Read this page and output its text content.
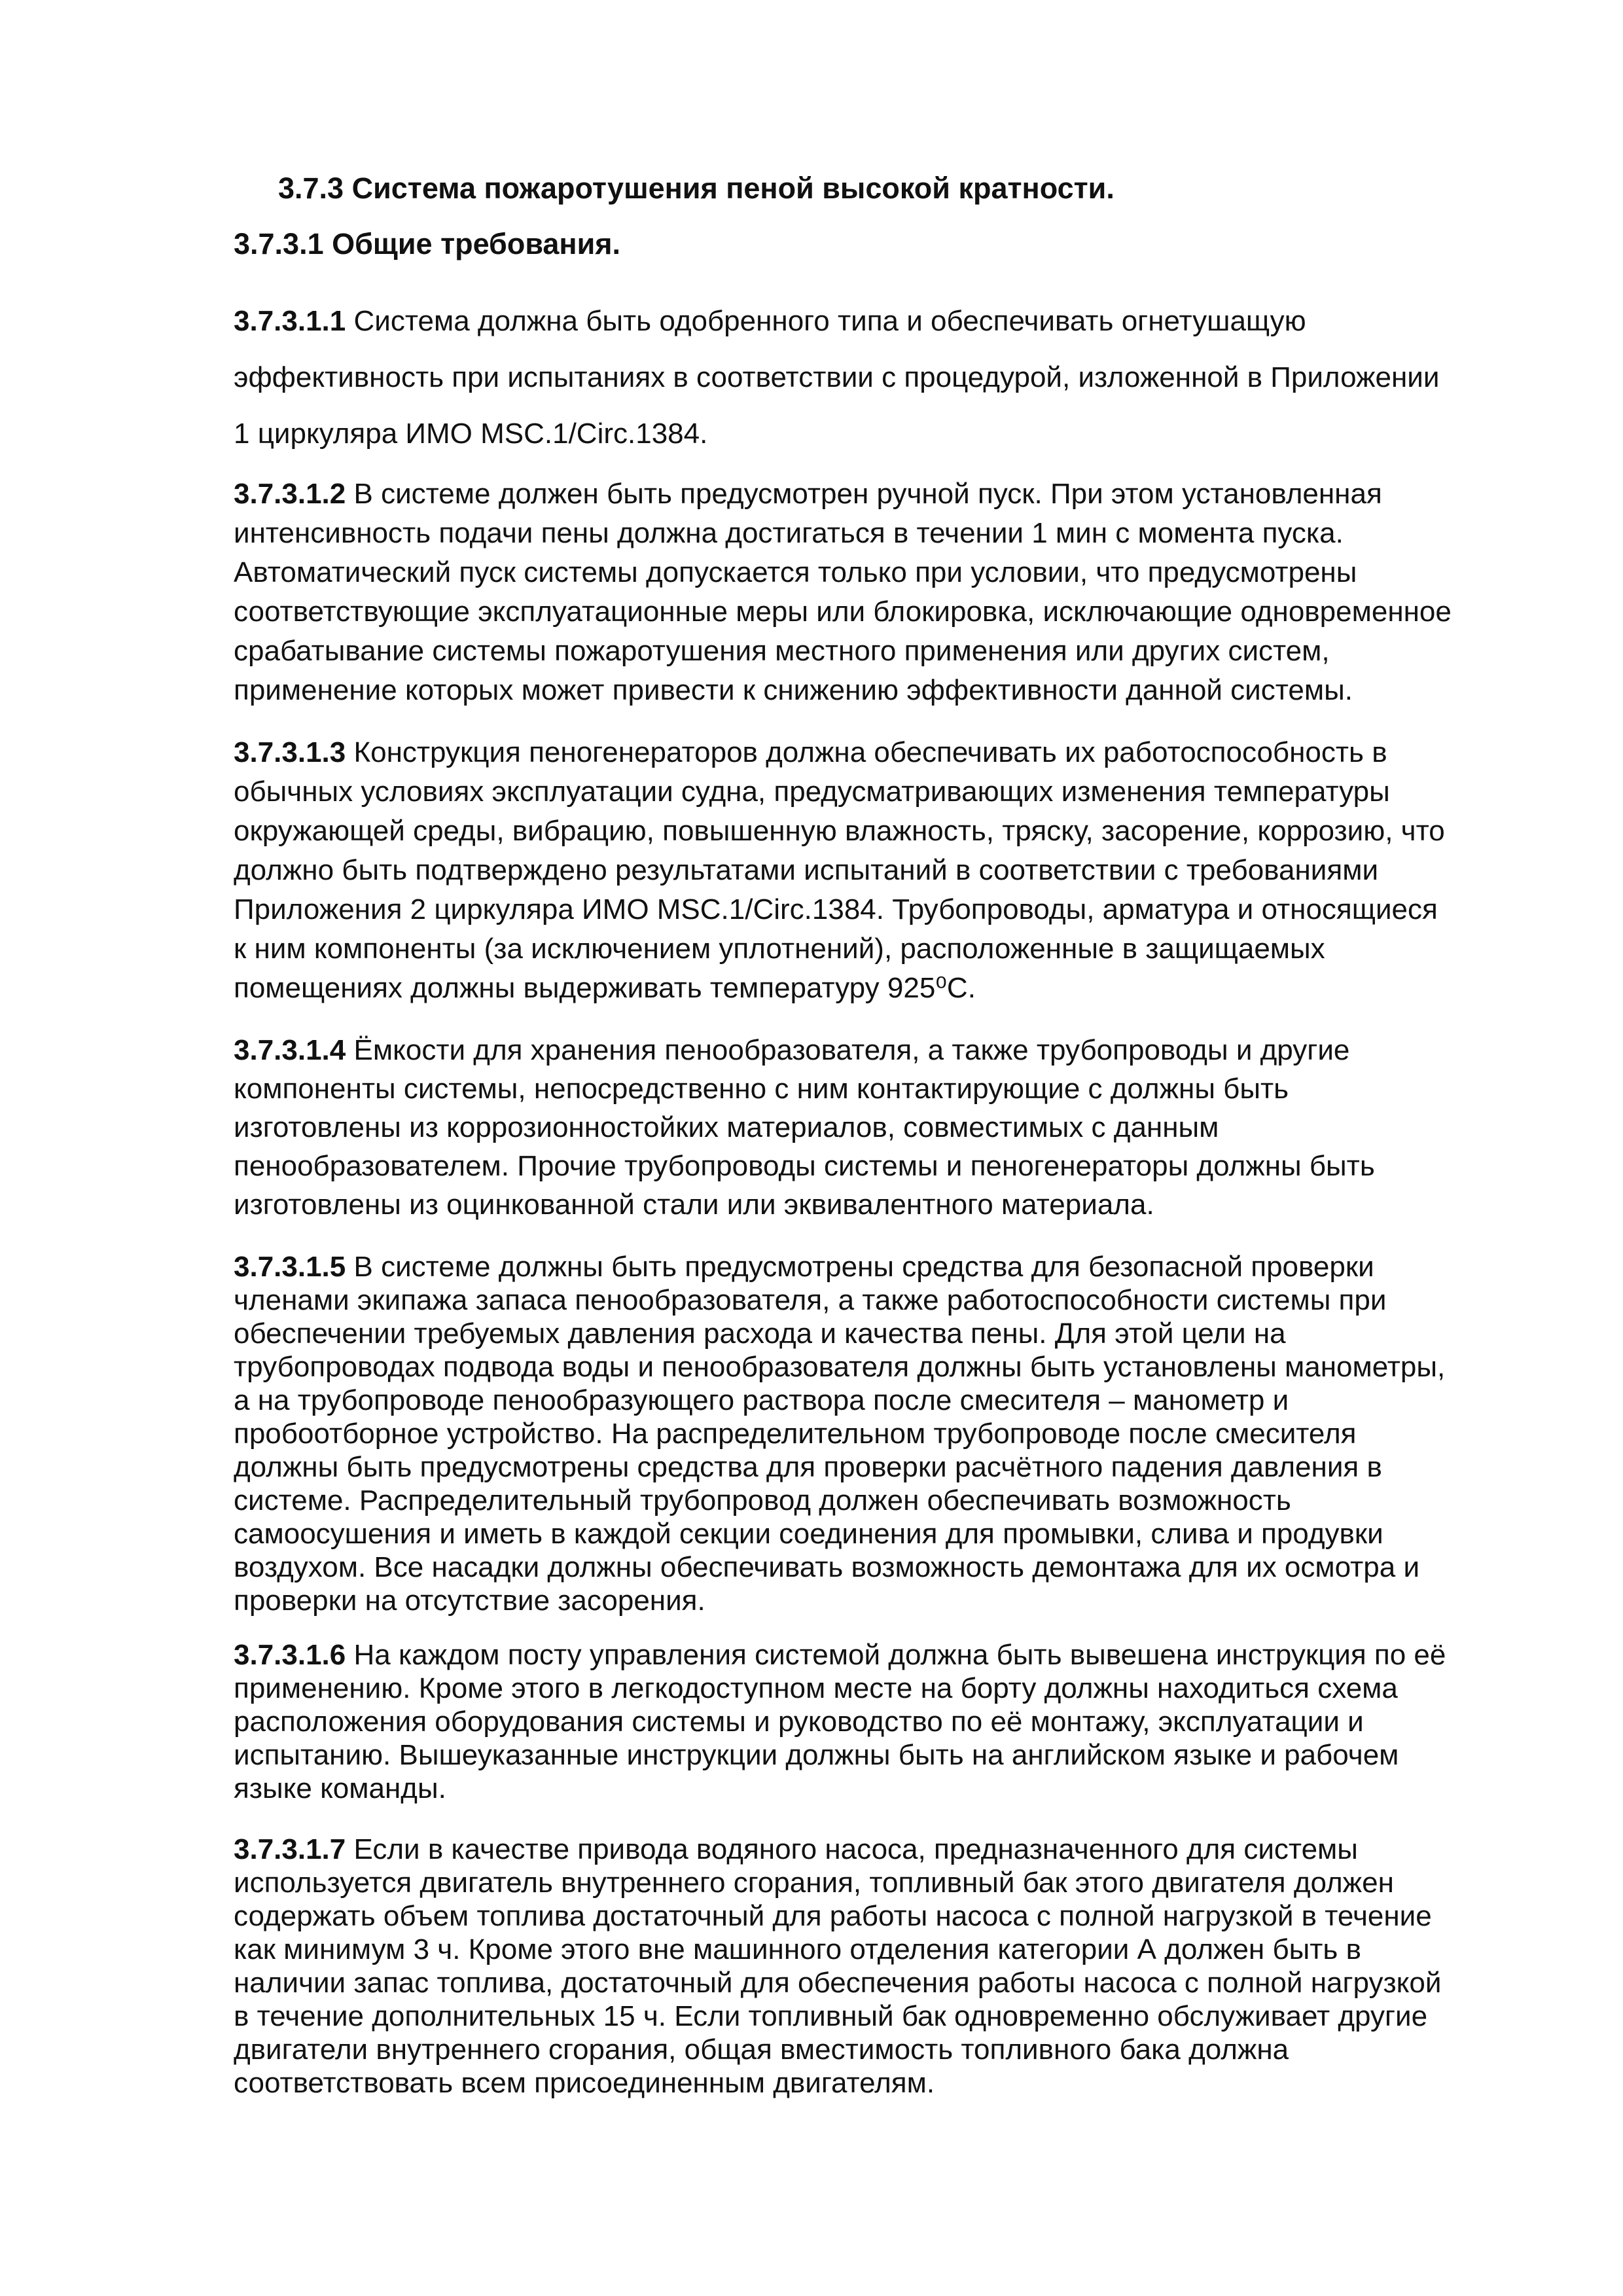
3.7.3 Система пожаротушения пеной высокой кратности.
3.7.3.1 Общие требования.
3.7.3.1.1 Система должна быть одобренного типа и обеспечивать огнетушащую
эффективность при испытаниях в соответствии с процедурой, изложенной в Приложении
1 циркуляра ИМО MSC.1/Circ.1384.
3.7.3.1.2 В системе должен быть предусмотрен ручной пуск. При этом установленная
интенсивность подачи пены должна достигаться в течении 1 мин с момента пуска.
Автоматический пуск системы допускается только при условии, что предусмотрены
соответствующие эксплуатационные меры или блокировка, исключающие одновременное
срабатывание системы пожаротушения местного применения или других систем,
применение которых может привести к снижению эффективности данной системы.
3.7.3.1.3 Конструкция пеногенераторов должна обеспечивать их работоспособность в
обычных условиях эксплуатации судна, предусматривающих изменения температуры
окружающей среды, вибрацию, повышенную влажность, тряску, засорение, коррозию, что
должно быть подтверждено результатами испытаний в соответствии с требованиями
Приложения 2 циркуляра ИМО MSC.1/Circ.1384. Трубопроводы, арматура и относящиеся
к ним компоненты (за исключением уплотнений), расположенные в защищаемых
помещениях должны выдерживать температуру 925⁰С.
3.7.3.1.4 Ёмкости для хранения пенообразователя, а также трубопроводы и другие
компоненты системы, непосредственно с ним контактирующие с должны быть
изготовлены из коррозионностойких материалов, совместимых с данным
пенообразователем. Прочие трубопроводы системы и пеногенераторы должны быть
изготовлены из оцинкованной стали или эквивалентного материала.
3.7.3.1.5 В системе должны быть предусмотрены средства для безопасной проверки
членами экипажа запаса пенообразователя, а также работоспособности системы при
обеспечении требуемых давления расхода и качества пены. Для этой цели на
трубопроводах подвода воды и пенообразователя должны быть установлены манометры,
а на трубопроводе пенообразующего раствора после смесителя – манометр и
пробоотборное устройство. На распределительном трубопроводе после смесителя
должны быть предусмотрены средства для проверки расчётного падения давления в
системе. Распределительный трубопровод должен обеспечивать возможность
самоосушения и иметь в каждой секции соединения для промывки, слива и продувки
воздухом. Все насадки должны обеспечивать возможность демонтажа для их осмотра и
проверки на отсутствие засорения.
3.7.3.1.6 На каждом посту управления системой должна быть вывешена инструкция по её
применению. Кроме этого в легкодоступном месте на борту должны находиться схема
расположения оборудования системы и руководство по её монтажу, эксплуатации и
испытанию. Вышеуказанные инструкции должны быть на английском языке и рабочем
языке команды.
3.7.3.1.7 Если в качестве привода водяного насоса, предназначенного для системы
используется двигатель внутреннего сгорания, топливный бак этого двигателя должен
содержать объем топлива достаточный для работы насоса с полной нагрузкой в течение
как минимум 3 ч. Кроме этого вне машинного отделения категории А должен быть в
наличии запас топлива, достаточный для обеспечения работы насоса с полной нагрузкой
в течение дополнительных 15 ч. Если топливный бак одновременно обслуживает другие
двигатели внутреннего сгорания, общая вместимость топливного бака должна
соответствовать всем присоединенным двигателям.
